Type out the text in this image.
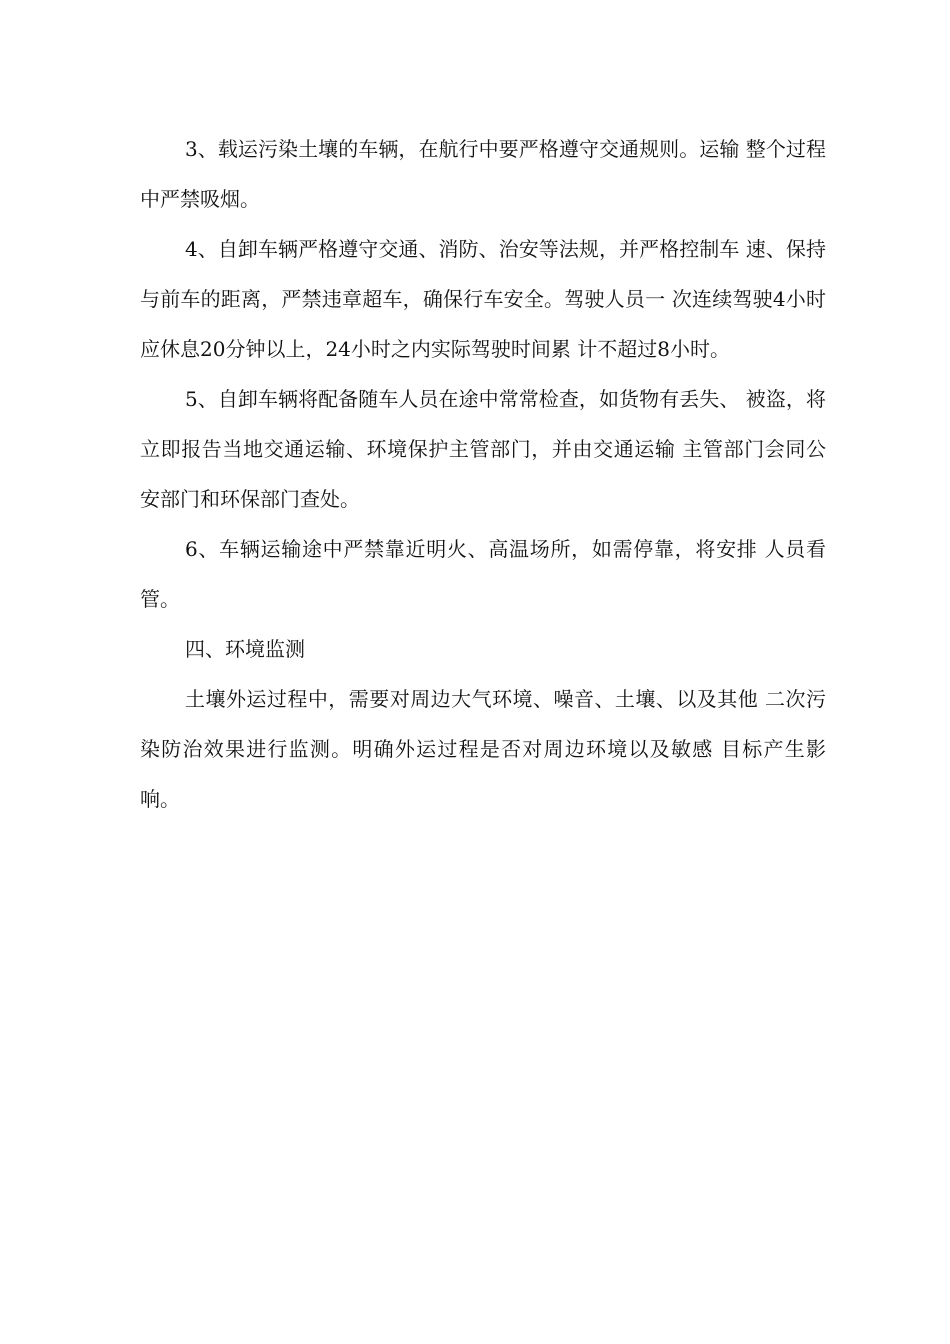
3、载运污染土壤的车辆，在航行中要严格遵守交通规则。运输 整个过程中严禁吸烟。

4、自卸车辆严格遵守交通、消防、治安等法规，并严格控制车 速、保持与前车的距离，严禁违章超车，确保行车安全。驾驶人员一 次连续驾驶4小时应休息20分钟以上，24小时之内实际驾驶时间累 计不超过8小时。

5、自卸车辆将配备随车人员在途中常常检查，如货物有丢失、 被盗，将立即报告当地交通运输、环境保护主管部门，并由交通运输 主管部门会同公安部门和环保部门查处。

6、车辆运输途中严禁靠近明火、高温场所，如需停靠，将安排 人员看管。

四、环境监测

土壤外运过程中，需要对周边大气环境、噪音、土壤、以及其他 二次污染防治效果进行监测。明确外运过程是否对周边环境以及敏感 目标产生影响。
